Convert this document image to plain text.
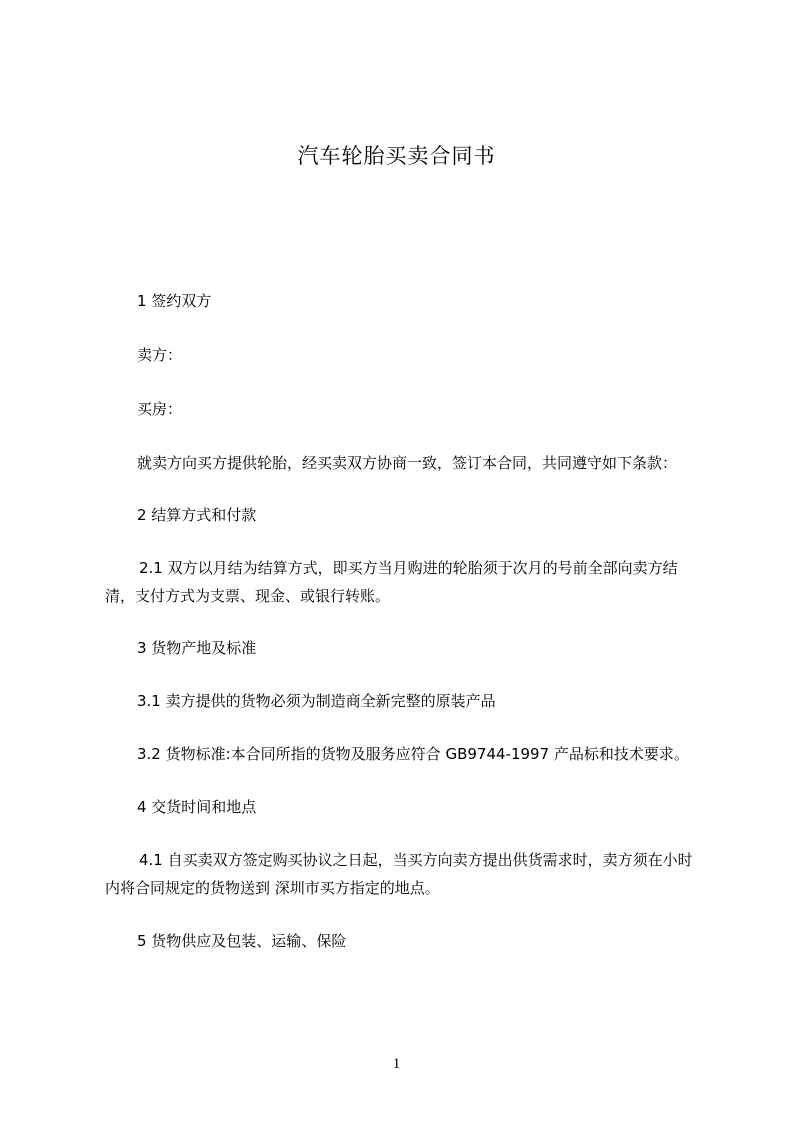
汽车轮胎买卖合同书
1 签约双方
卖方：
买房：
就卖方向买方提供轮胎，经买卖双方协商一致，签订本合同，共同遵守如下条款：
2 结算方式和付款
2.1 双方以月结为结算方式，即买方当月购进的轮胎须于次月的号前全部向卖方结清，支付方式为支票、现金、或银行转账。
3 货物产地及标准
3.1 卖方提供的货物必须为制造商全新完整的原装产品
3.2 货物标准:本合同所指的货物及服务应符合 GB9744-1997 产品标和技术要求。
4 交货时间和地点
4.1 自买卖双方签定购买协议之日起，当买方向卖方提出供货需求时，卖方须在小时内将合同规定的货物送到 深圳市买方指定的地点。
5 货物供应及包装、运输、保险
1
